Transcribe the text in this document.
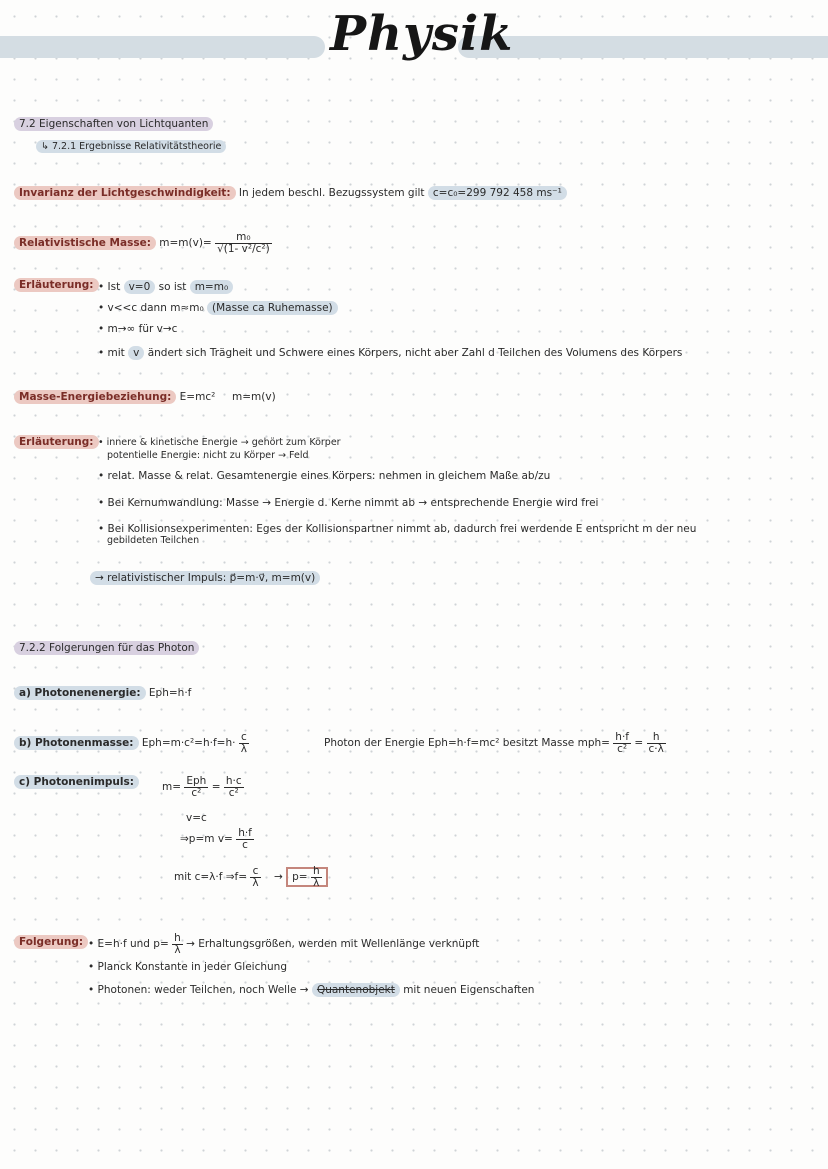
Physik
7.2 Eigenschaften von Lichtquanten
↳ 7.2.1 Ergebnisse Relativitätstheorie
Invarianz der Lichtgeschwindigkeit: In jedem beschl. Bezugssystem gilt c=c₀=299 792 458 ms⁻¹
Relativistische Masse: $m=m(v)= \frac{\text{m₀}}{\text{√(1- v²/c²)}}$
Erläuterung: • Ist v=0 so ist m=m₀
• v<<c dann m≈m₀ (Masse ca Ruhemasse)
• m→∞ für v→c
• mit v ändert sich Trägheit und Schwere eines Körpers, nicht aber Zahl d Teilchen des Volumens des Körpers
Masse-Energiebeziehung: E=mc² m=m(v)
Erläuterung: • innere & kinetische Energie → gehört zum Körper
potentielle Energie: nicht zu Körper → Feld
• relat. Masse & relat. Gesamtenergie eines Körpers: nehmen in gleichem Maße ab/zu
• Bei Kernumwandlung: Masse → Energie d. Kerne nimmt ab → entsprechende Energie wird frei
• Bei Kollisionsexperimenten: Eges der Kollisionspartner nimmt ab, dadurch frei werdende E entspricht m der neu
gebildeten Teilchen
→ relativistischer Impuls: p⃗=m·v⃗, m=m(v)
7.2.2 Folgerungen für das Photon
a) Photonenenergie: Eph=h·f
b) Photonenmasse: $Eph=m\cdot c^2=h\cdot f=h\cdot \frac{c}{\lambda}$	Photon der Energie Eph=h·f=mc² besitzt Masse $mph= \frac{h\cdot f}{\text{c²}} = \frac{h}{c\cdot\lambda}$
c) Photonenimpuls:	$m= \frac{\text{Eph}}{\text{c²}} = \frac{h\cdot c}{\text{c²}}$
v=c
⇒p=m $v= \frac{h\cdot f}{c}$
mit c=λ·f ⇒f= $\frac{c}{\lambda} \to p= \frac{h}{\lambda}$
Folgerung: • E=h·f und $p= \frac{h}{\lambda}$ → Erhaltungsgrößen, werden mit Wellenlänge verknüpft
• Planck Konstante in jeder Gleichung
• Photonen: weder Teilchen, noch Welle → Quantenobjekt mit neuen Eigenschaften
